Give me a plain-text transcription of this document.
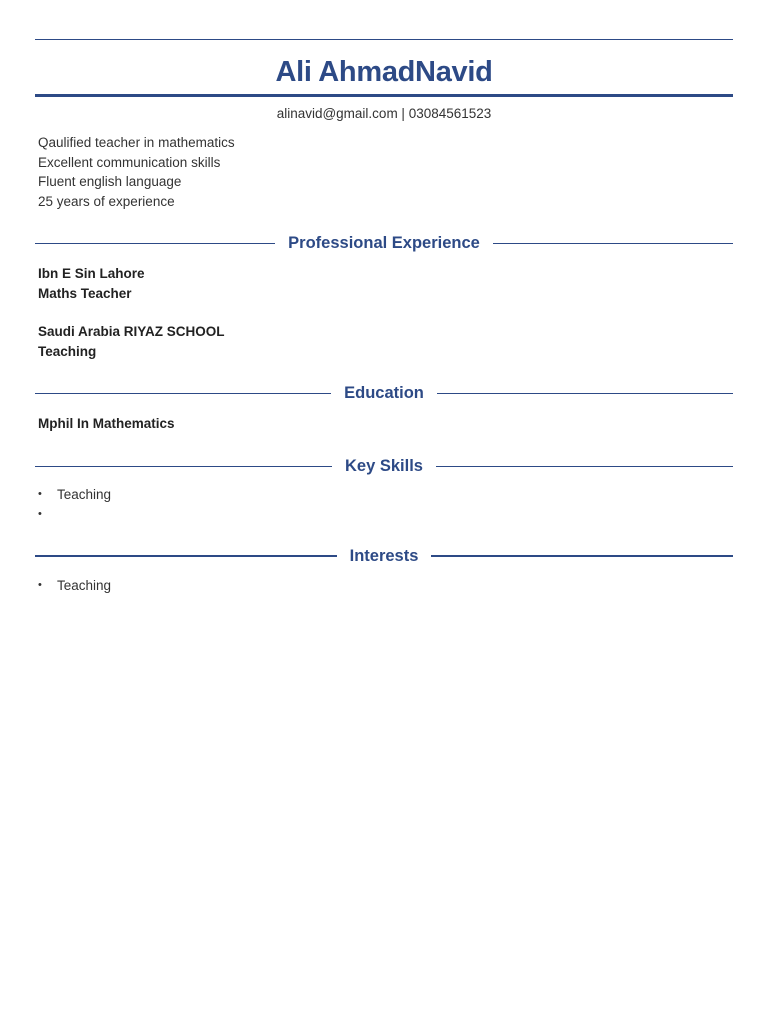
Ali AhmadNavid
alinavid@gmail.com | 03084561523
Qaulified teacher in mathematics
Excellent communication skills
Fluent english language
25 years of experience
Professional Experience
Ibn E Sin Lahore
Maths Teacher
Saudi Arabia RIYAZ SCHOOL
Teaching
Education
Mphil In Mathematics
Key Skills
• Teaching
•
Interests
• Teaching
